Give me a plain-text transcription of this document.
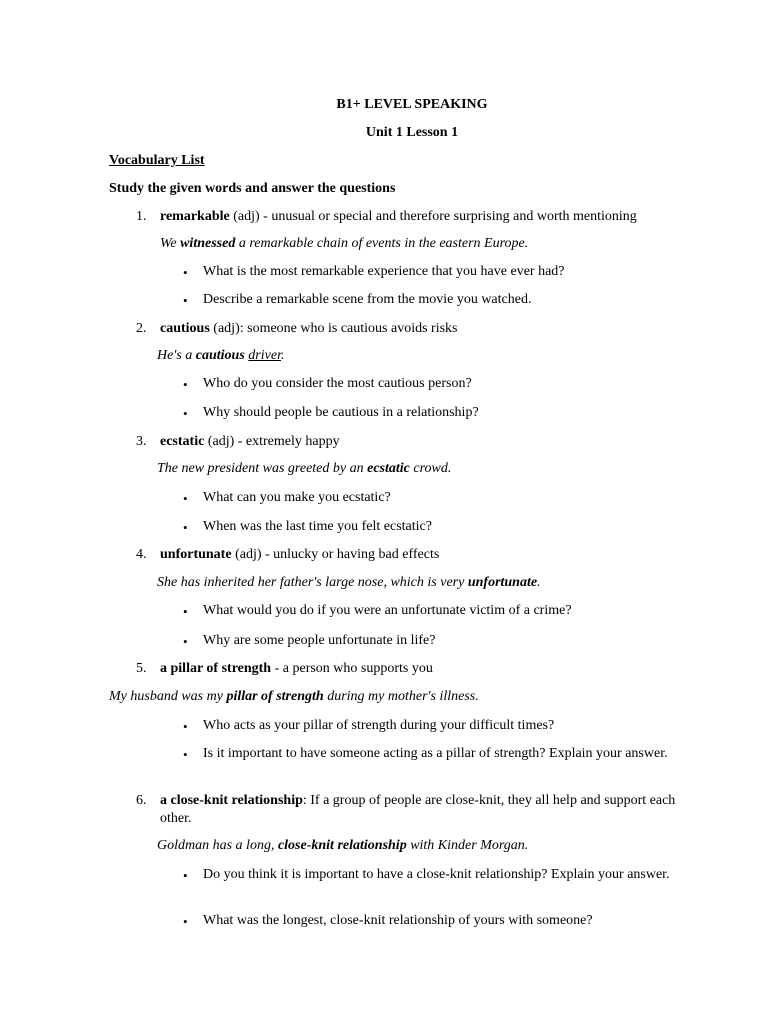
B1+ LEVEL SPEAKING
Unit 1 Lesson 1
Vocabulary List
Study the given words and answer the questions
1. remarkable (adj) - unusual or special and therefore surprising and worth mentioning
We witnessed a remarkable chain of events in the eastern Europe.
• What is the most remarkable experience that you have ever had?
• Describe a remarkable scene from the movie you watched.
2. cautious (adj): someone who is cautious avoids risks
He's a cautious driver.
• Who do you consider the most cautious person?
• Why should people be cautious in a relationship?
3. ecstatic (adj) - extremely happy
The new president was greeted by an ecstatic crowd.
• What can you make you ecstatic?
• When was the last time you felt ecstatic?
4. unfortunate (adj) - unlucky or having bad effects
She has inherited her father's large nose, which is very unfortunate.
• What would you do if you were an unfortunate victim of a crime?
• Why are some people unfortunate in life?
5. a pillar of strength - a person who supports you
My husband was my pillar of strength during my mother's illness.
• Who acts as your pillar of strength during your difficult times?
• Is it important to have someone acting as a pillar of strength? Explain your answer.
6. a close-knit relationship: If a group of people are close-knit, they all help and support each other.
Goldman has a long, close-knit relationship with Kinder Morgan.
• Do you think it is important to have a close-knit relationship? Explain your answer.
• What was the longest, close-knit relationship of yours with someone?
